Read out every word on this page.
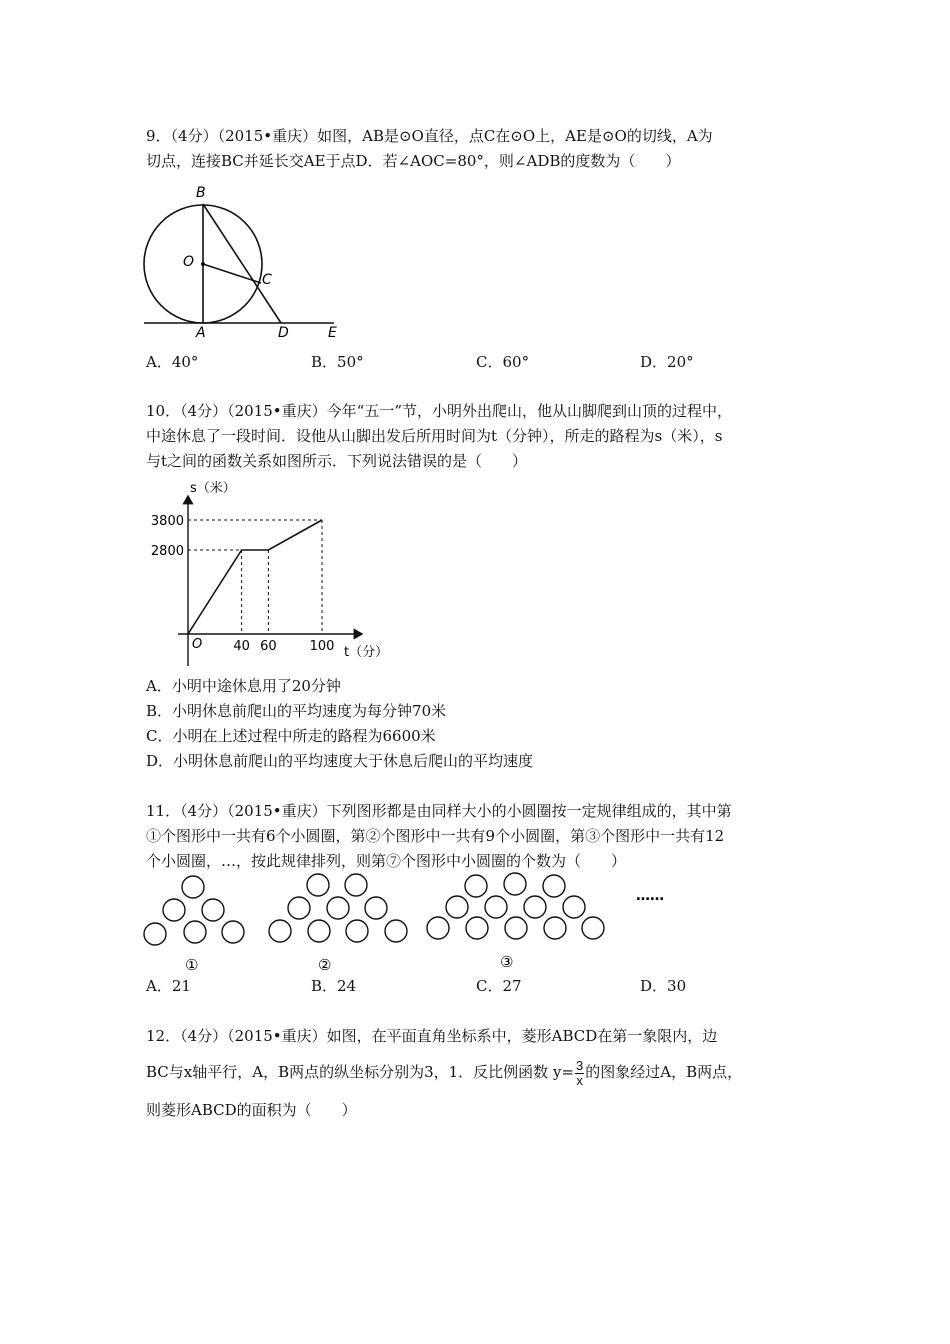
9．（4分）（2015•重庆）如图，AB是⊙O直径，点C在⊙O上，AE是⊙O的切线，A为
切点，连接BC并延长交AE于点D．若∠AOC=80°，则∠ADB的度数为（　　）
B
O
C
A	D	E
A．40°	B．50°	C．60°	D．20°
10．（4分）（2015•重庆）今年“五一”节，小明外出爬山，他从山脚爬到山顶的过程中，
中途休息了一段时间．设他从山脚出发后所用时间为t（分钟），所走的路程为s（米），s
与t之间的函数关系如图所示．下列说法错误的是（　　）
40 60	100
2800
3800
O
s（米）
t（分）
A．小明中途休息用了20分钟
B．小明休息前爬山的平均速度为每分钟70米
C．小明在上述过程中所走的路程为6600米
D．小明休息前爬山的平均速度大于休息后爬山的平均速度
11．（4分）（2015•重庆）下列图形都是由同样大小的小圆圈按一定规律组成的，其中第
①个图形中一共有6个小圆圈，第②个图形中一共有9个小圆圈，第③个图形中一共有12
个小圆圈，…，按此规律排列，则第⑦个图形中小圆圈的个数为（　　）
①	②	③
……
A．21	B．24	C．27	D．30
12．（4分）（2015•重庆）如图，在平面直角坐标系中，菱形ABCD在第一象限内，边
BC与x轴平行，A，B两点的纵坐标分别为3，1．反比例函数 $y= \frac{3}{x}$ 的图象经过A，B两点，
则菱形ABCD的面积为（　　）
